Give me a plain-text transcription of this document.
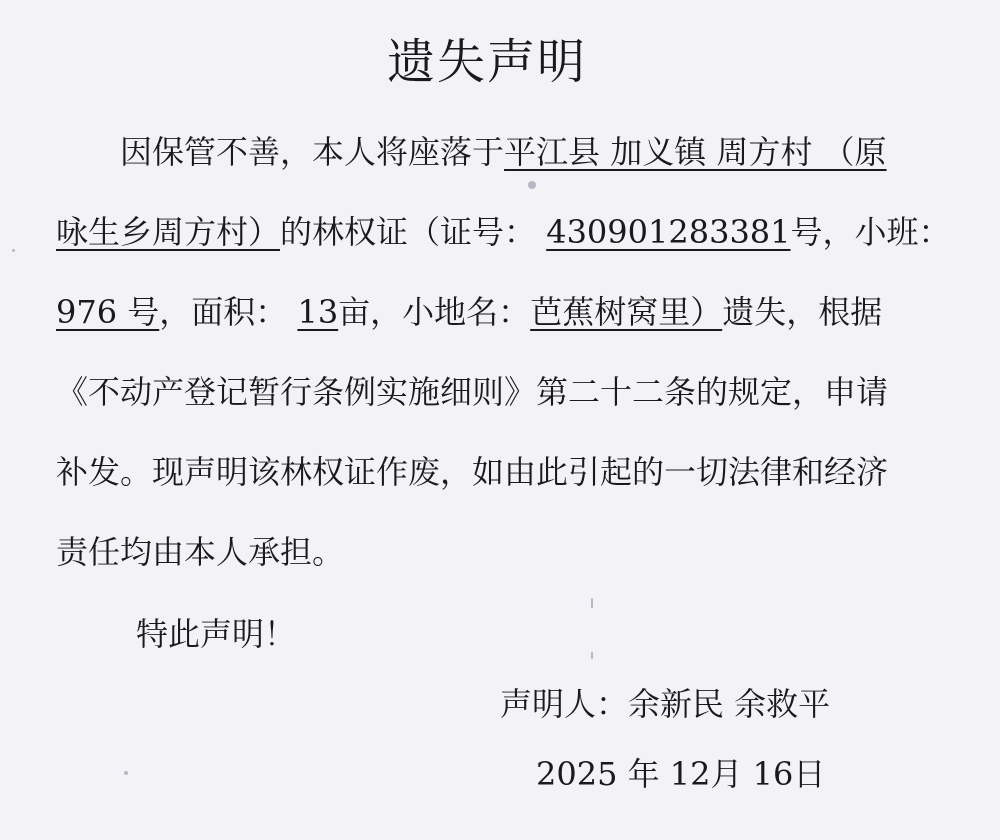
遗失声明
因保管不善，本人将座落于平江县 加义镇 周方村 （原
咏生乡周方村）的林权证（证号： 430901283381号，小班：
976 号，面积： 13亩，小地名：芭蕉树窝里）遗失，根据
《不动产登记暂行条例实施细则》第二十二条的规定，申请
补发。现声明该林权证作废，如由此引起的一切法律和经济
责任均由本人承担。
特此声明！
声明人：余新民 余救平
2025 年 12月 16日
